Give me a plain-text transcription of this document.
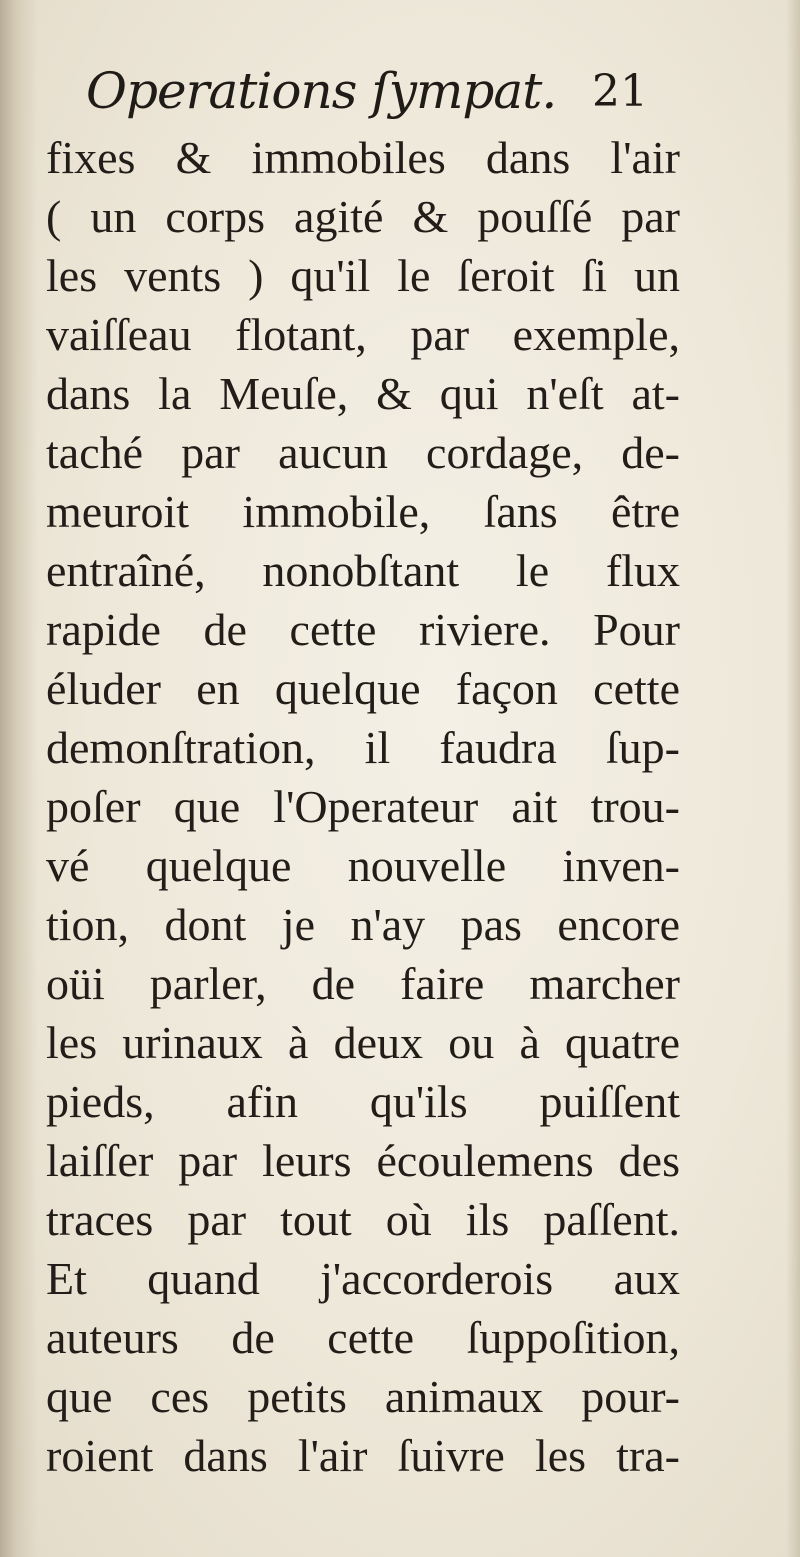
Operations ſympat. 21
fixes & immobiles dans l'air
( un corps agité & pouſſé par
les vents ) qu'il le ſeroit ſi un
vaiſſeau flotant, par exemple,
dans la Meuſe, & qui n'eſt at-
taché par aucun cordage, de-
meuroit immobile, ſans être
entraîné, nonobſtant le flux
rapide de cette riviere. Pour
éluder en quelque façon cette
demonſtration, il faudra ſup-
poſer que l'Operateur ait trou-
vé quelque nouvelle inven-
tion, dont je n'ay pas encore
oüi parler, de faire marcher
les urinaux à deux ou à quatre
pieds, afin qu'ils puiſſent
laiſſer par leurs écoulemens des
traces par tout où ils paſſent.
Et quand j'accorderois aux
auteurs de cette ſuppoſition,
que ces petits animaux pour-
roient dans l'air ſuivre les tra-
